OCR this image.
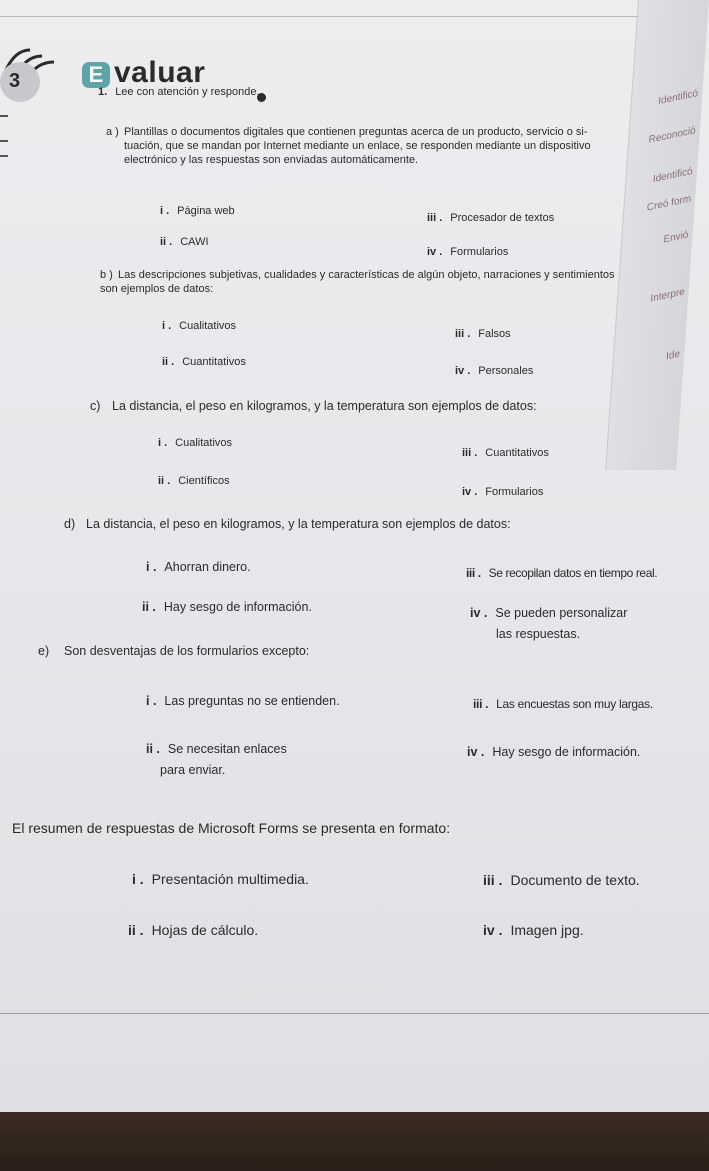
Reconoció
Identificó
Identificó
Creó form
Envió
Interpre
Ide
3	E valuar
1. Lee con atención y responde.
a ) Plantillas o documentos digitales que contienen preguntas acerca de un producto, servicio o si-
tuación, que se mandan por Internet mediante un enlace, se responden mediante un dispositivo
electrónico y las respuestas son enviadas automáticamente.
i . Página web
ii . CAWI
iii . Procesador de textos
iv . Formularios
b ) Las descripciones subjetivas, cualidades y características de algún objeto, narraciones y sentimientos
son ejemplos de datos:
i . Cualitativos
ii . Cuantitativos
iii . Falsos
iv . Personales
c) La distancia, el peso en kilogramos, y la temperatura son ejemplos de datos:
i . Cualitativos
ii . Científicos
iii . Cuantitativos
iv . Formularios
d) La distancia, el peso en kilogramos, y la temperatura son ejemplos de datos:
i . Ahorran dinero.
ii . Hay sesgo de información.
iii . Se recopilan datos en tiempo real.
iv . Se pueden personalizar
las respuestas.
e) Son desventajas de los formularios excepto:
i . Las preguntas no se entienden.
ii . Se necesitan enlaces
para enviar.
iii . Las encuestas son muy largas.
iv . Hay sesgo de información.
El resumen de respuestas de Microsoft Forms se presenta en formato:
i . Presentación multimedia.
ii . Hojas de cálculo.
iii . Documento de texto.
iv . Imagen jpg.
